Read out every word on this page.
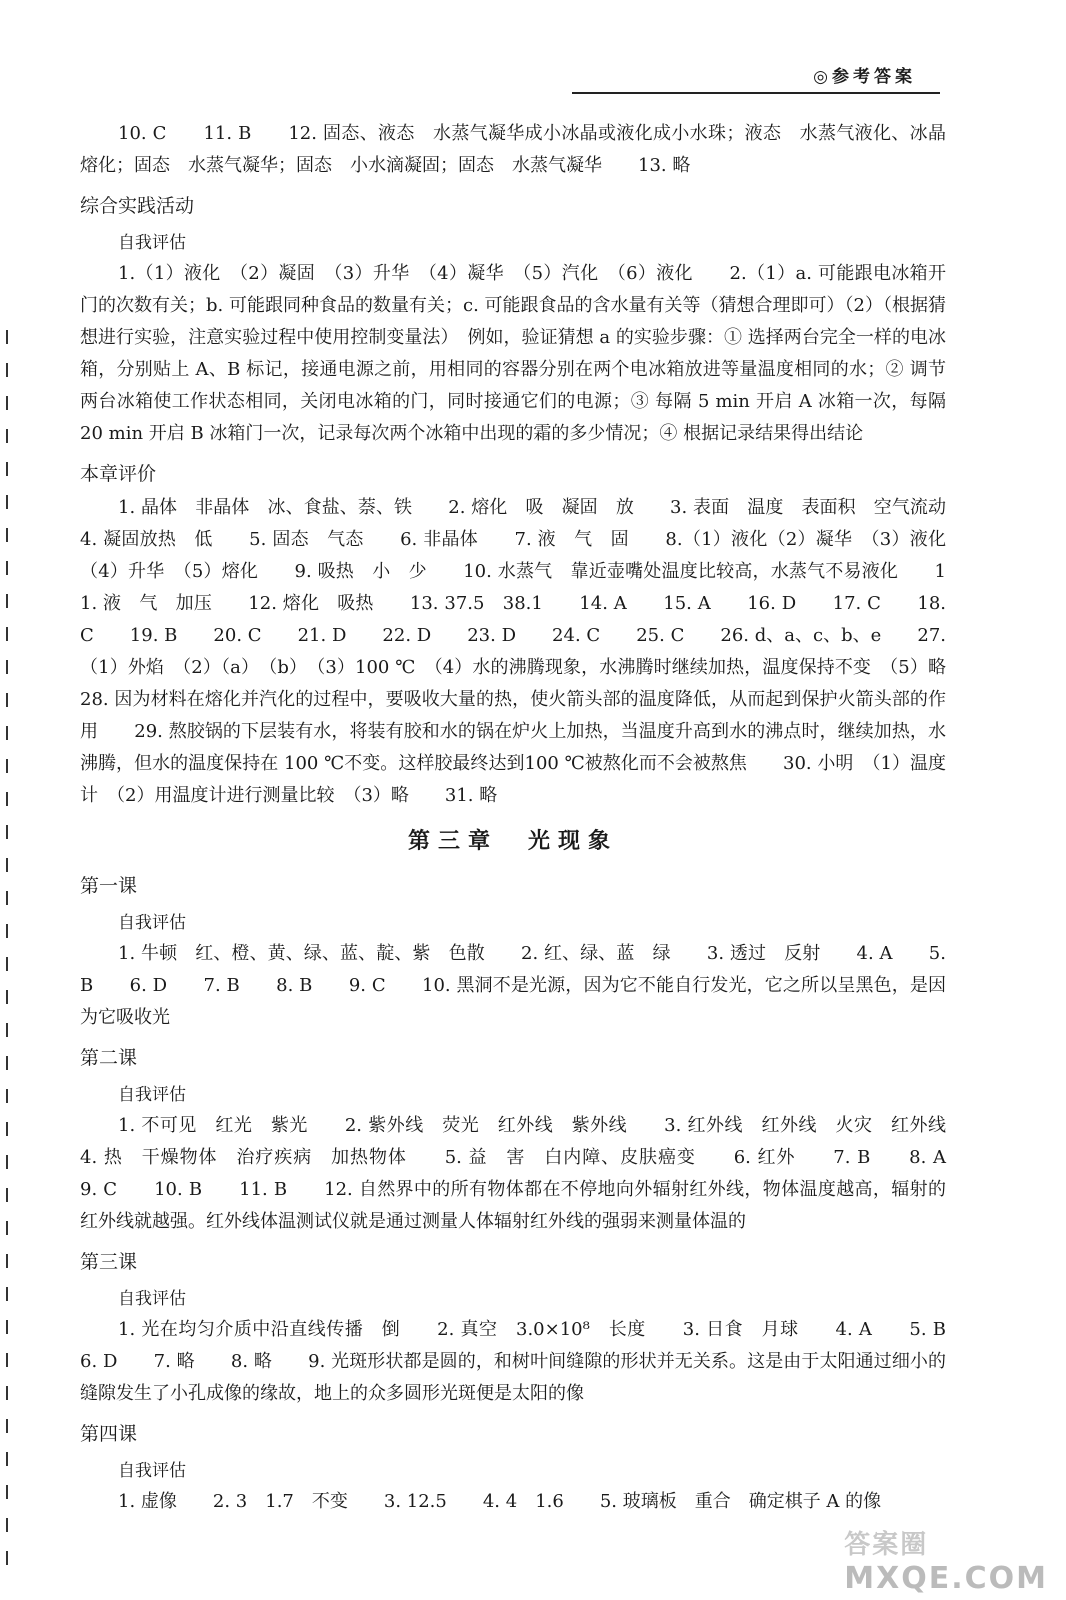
◎参考答案
10. C　　11. B　　12. 固态、液态　水蒸气凝华成小冰晶或液化成小水珠；液态　水蒸气液化、冰晶熔化；固态　水蒸气凝华；固态　小水滴凝固；固态　水蒸气凝华　　13. 略
综合实践活动
自我评估
1.（1）液化　（2）凝固　（3）升华　（4）凝华　（5）汽化　（6）液化　　2.（1）a. 可能跟电冰箱开门的次数有关；b. 可能跟同种食品的数量有关；c. 可能跟食品的含水量有关等（猜想合理即可）（2）（根据猜想进行实验，注意实验过程中使用控制变量法）　例如，验证猜想 a 的实验步骤：① 选择两台完全一样的电冰箱，分别贴上 A、B 标记，接通电源之前，用相同的容器分别在两个电冰箱放进等量温度相同的水；② 调节两台冰箱使工作状态相同，关闭电冰箱的门，同时接通它们的电源；③ 每隔 5 min 开启 A 冰箱一次，每隔 20 min 开启 B 冰箱门一次，记录每次两个冰箱中出现的霜的多少情况；④ 根据记录结果得出结论
本章评价
1. 晶体　非晶体　冰、食盐、萘、铁　　2. 熔化　吸　凝固　放　　3. 表面　温度　表面积　空气流动　　4. 凝固放热　低　　5. 固态　气态　　6. 非晶体　　7. 液　气　固　　8.（1）液化（2）凝华　（3）液化　（4）升华　（5）熔化　　9. 吸热　小　少　　10. 水蒸气　靠近壶嘴处温度比较高，水蒸气不易液化　　11. 液　气　加压　　12. 熔化　吸热　　13. 37.5　38.1　　14. A　　15. A　　16. D　　17. C　　18. C　　19. B　　20. C　　21. D　　22. D　　23. D　　24. C　　25. C　　26. d、a、c、b、e　　27.（1）外焰　（2）（a）　（b）　（3）100 ℃　（4）水的沸腾现象，水沸腾时继续加热，温度保持不变　（5）略　　28. 因为材料在熔化并汽化的过程中，要吸收大量的热，使火箭头部的温度降低，从而起到保护火箭头部的作用　　29. 熬胶锅的下层装有水，将装有胶和水的锅在炉火上加热，当温度升高到水的沸点时，继续加热，水沸腾，但水的温度保持在 100 ℃不变。这样胶最终达到100 ℃被熬化而不会被熬焦　　30. 小明　（1）温度计　（2）用温度计进行测量比较　（3）略　　31. 略
第三章　光现象
第一课
自我评估
1. 牛顿　红、橙、黄、绿、蓝、靛、紫　色散　　2. 红、绿、蓝　绿　　3. 透过　反射　　4. A　　5. B　　6. D　　7. B　　8. B　　9. C　　10. 黑洞不是光源，因为它不能自行发光，它之所以呈黑色，是因为它吸收光
第二课
自我评估
1. 不可见　红光　紫光　　2. 紫外线　荧光　红外线　紫外线　　3. 红外线　红外线　火灾　红外线　　4. 热　干燥物体　治疗疾病　加热物体　　5. 益　害　白内障、皮肤癌变　　6. 红外　　7. B　　8. A　　9. C　　10. B　　11. B　　12. 自然界中的所有物体都在不停地向外辐射红外线，物体温度越高，辐射的红外线就越强。红外线体温测试仪就是通过测量人体辐射红外线的强弱来测量体温的
第三课
自我评估
1. 光在均匀介质中沿直线传播　倒　　2. 真空　3.0×10⁸　长度　　3. 日食　月球　　4. A　　5. B　　6. D　　7. 略　　8. 略　　9. 光斑形状都是圆的，和树叶间缝隙的形状并无关系。这是由于太阳通过细小的缝隙发生了小孔成像的缘故，地上的众多圆形光斑便是太阳的像
第四课
自我评估
1. 虚像　　2. 3　1.7　不变　　3. 12.5　　4. 4　1.6　　5. 玻璃板　重合　确定棋子 A 的像
答案圈
MXQE.COM
